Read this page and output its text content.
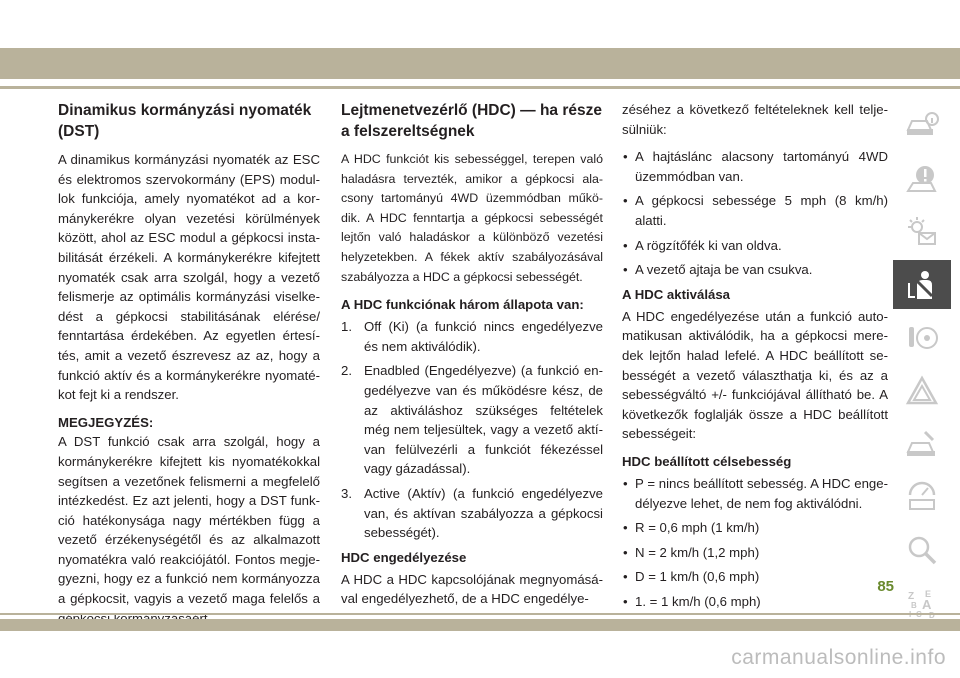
Dinamikus kormányzási nyomaték (DST)

A dinamikus kormányzási nyomaték az ESC és elektromos szervokormány (EPS) modul-lok funkciója, amely nyomatékot ad a kor-mánykerékre olyan vezetési körülmények között, ahol az ESC modul a gépkocsi insta-bilitását érzékeli. A kormánykerékre kifejtett nyomaték csak arra szolgál, hogy a vezető felismerje az optimális kormányzási viselke-dést a gépkocsi stabilitásának elérése/ fenntartása érdekében. Az egyetlen értesí-tés, amit a vezető észrevesz az az, hogy a funkció aktív és a kormánykerékre nyomaté-kot fejt ki a rendszer.

MEGJEGYZÉS:

A DST funkció csak arra szolgál, hogy a kormánykerékre kifejtett kis nyomatékokkal segítsen a vezetőnek felismerni a megfelelő intézkedést. Ez azt jelenti, hogy a DST funk-ció hatékonysága nagy mértékben függ a vezető érzékenységétől és az alkalmazott nyomatékra való reakciójától. Fontos megje-gyezni, hogy ez a funkció nem kormányozza a gépkocsit, vagyis a vezető maga felelős a

Lejtmenetvezérlő (HDC) — ha része a felszereltségnek

A HDC funkciót kis sebességgel, terepen való haladásra tervezték, amikor a gépkocsi ala-csony tartományú 4WD üzemmódban műkö-dik. A HDC fenntartja a gépkocsi sebességét lejtőn való haladáskor a különböző vezetési helyzetekben. A fékek aktív szabályozásával szabályozza a HDC a gépkocsi sebességét.

A HDC funkciónak három állapota van:
1. Off (Ki) (a funkció nincs engedélyezve és nem aktiválódik).
2. Enadbled (Engedélyezve) (a funkció en-gedélyezve van és működésre kész, de az aktiváláshoz szükséges feltételek még nem teljesültek, vagy a vezető aktí-van felülvezérli a funkciót fékezéssel vagy gázadással).
3. Active (Aktív) (a funkció engedélyezve van, és aktívan szabályozza a gépkocsi sebességét).
HDC engedélyezése

A HDC a HDC kapcsolójának megnyomásá-val engedélyezhető, de a HDC engedélye-

zéséhez a következő feltételeknek kell telje-sülniük:

• A hajtáslánc alacsony tartományú 4WD üzemmódban van.
• A gépkocsi sebessége 5 mph (8 km/h) alatti.
• A rögzítőfék ki van oldva.
• A vezető ajtaja be van csukva.
A HDC aktiválása

A HDC engedélyezése után a funkció auto-matikusan aktiválódik, ha a gépkocsi mere-dek lejtőn halad lefelé. A HDC beállított se-bességét a vezető választhatja ki, és az a sebességváltó +/- funkciójával állítható be. A következők foglalják össze a HDC beállított sebességeit:

HDC beállított célsebesség
• P = nincs beállított sebesség. A HDC enge-délyezve lehet, de nem fog aktiválódni.
• R = 0,6 mph (1 km/h)
• N = 2 km/h (1,2 mph)
• D = 1 km/h (0,6 mph)
• 1. = 1 km/h (0,6 mph)	Z E
B A
85
carmanualsonline.info
